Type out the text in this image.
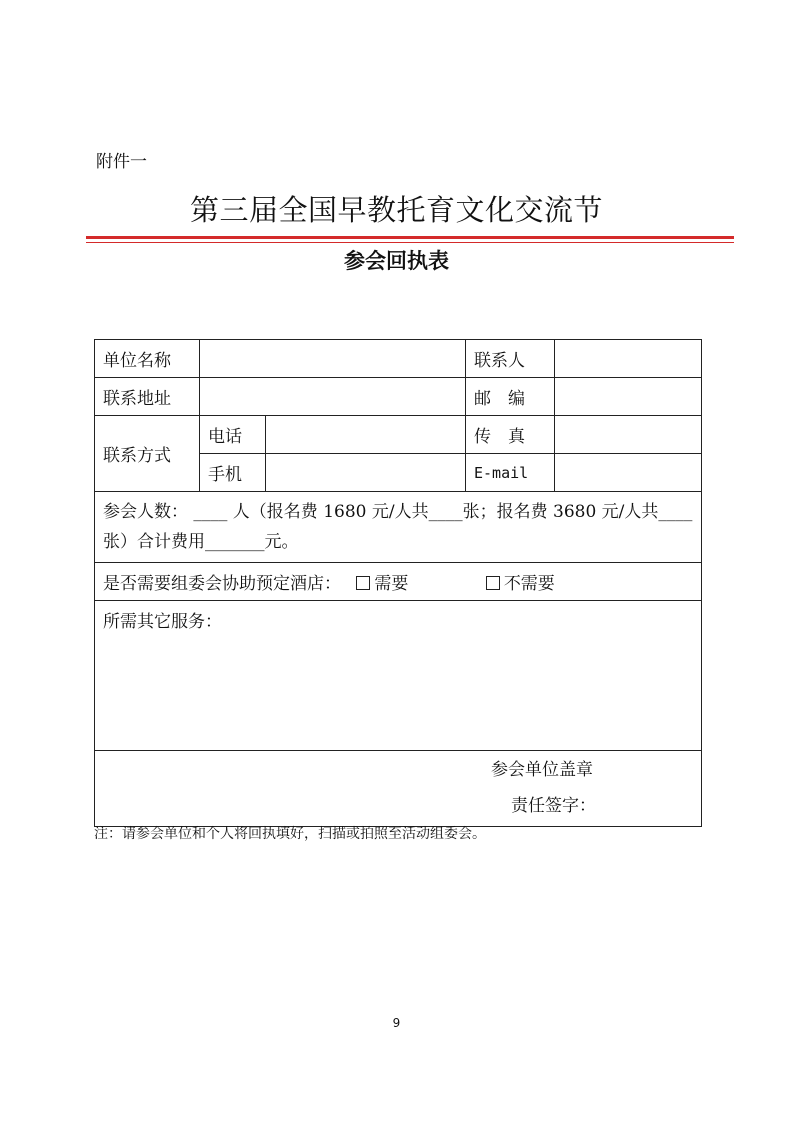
附件一
第三届全国早教托育文化交流节
参会回执表
单位名称			联系人	
联系地址			邮　编	
联系方式	电话		传　真	
	手机		E-mail	
参会人数： ____ 人（报名费 1680 元/人共____张；报名费 3680 元/人共____张）合计费用_______元。				
是否需要组委会协助预定酒店： 需要 不需要				
所需其它服务：				

参会单位盖章
责任签字：				
注：请参会单位和个人将回执填好，扫描或拍照至活动组委会。
9
